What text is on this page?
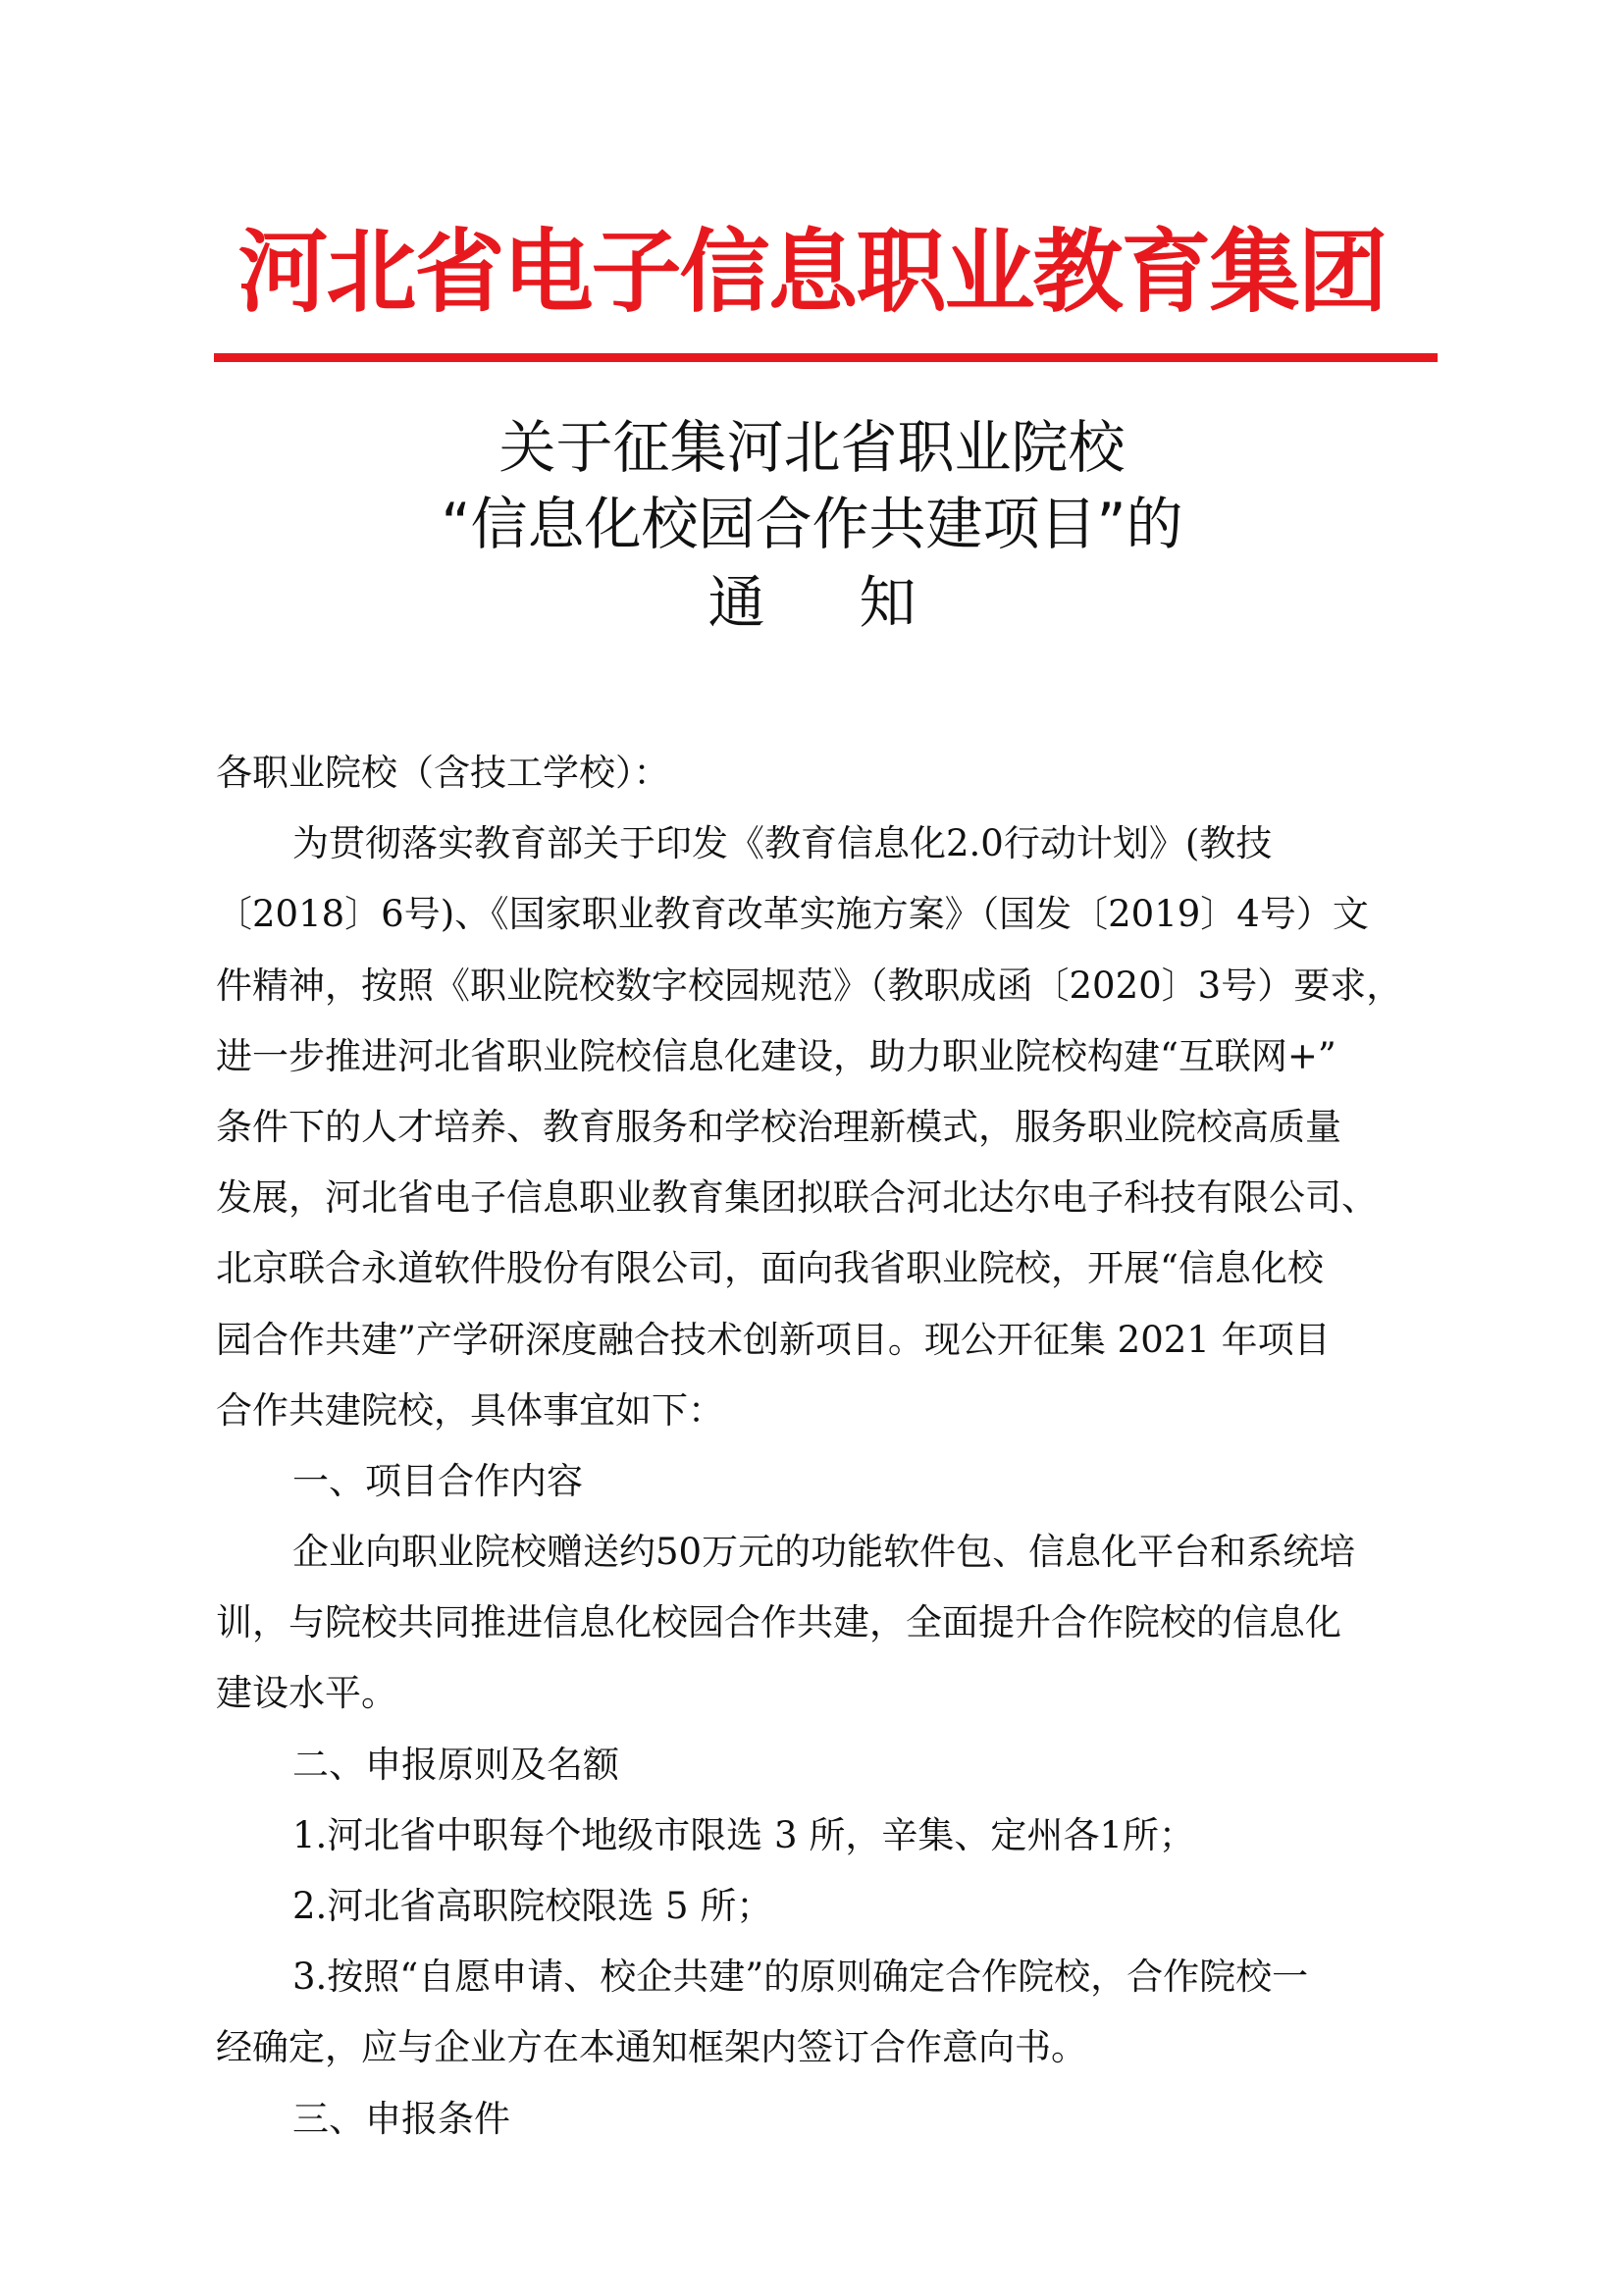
河北省电子信息职业教育集团
关于征集河北省职业院校
“信息化校园合作共建项目”的
通知
各职业院校（含技工学校）：
为贯彻落实教育部关于印发《教育信息化2.0行动计划》(教技
〔2018〕6号)、《国家职业教育改革实施方案》（国发〔2019〕4号）文
件精神，按照《职业院校数字校园规范》（教职成函〔2020〕3号）要求，
进一步推进河北省职业院校信息化建设，助力职业院校构建“互联网+”
条件下的人才培养、教育服务和学校治理新模式，服务职业院校高质量
发展，河北省电子信息职业教育集团拟联合河北达尔电子科技有限公司、
北京联合永道软件股份有限公司，面向我省职业院校，开展“信息化校
园合作共建”产学研深度融合技术创新项目。现公开征集 2021 年项目
合作共建院校，具体事宜如下：
一、项目合作内容
企业向职业院校赠送约50万元的功能软件包、信息化平台和系统培
训，与院校共同推进信息化校园合作共建，全面提升合作院校的信息化
建设水平。
二、申报原则及名额
1.河北省中职每个地级市限选 3 所，辛集、定州各1所；
2.河北省高职院校限选 5 所；
3.按照“自愿申请、校企共建”的原则确定合作院校，合作院校一
经确定，应与企业方在本通知框架内签订合作意向书。
三、申报条件
